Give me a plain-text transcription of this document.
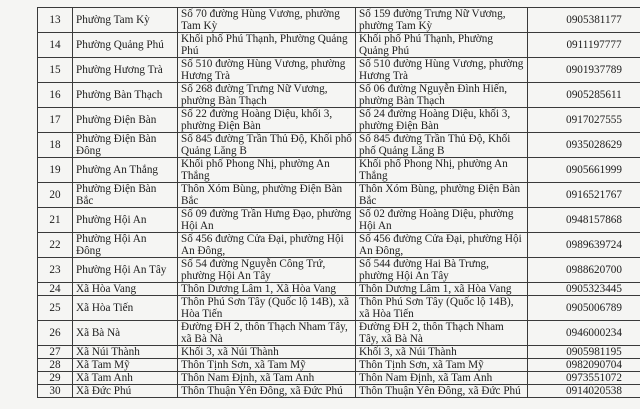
13	Phường Tam Kỳ	Số 70 đường Hùng Vương, phường Tam Kỳ	Số 159 đường Trưng Nữ Vương, phường Tam Kỳ	0905381177
14	Phường Quảng Phú	Khối phố Phú Thạnh, Phường Quảng Phú	Khối phố Phú Thạnh, Phường Quảng Phú	0911197777
15	Phường Hương Trà	Số 510 đường Hùng Vương, phường Hương Trà	Số 510 đường Hùng Vương, phường Hương Trà	0901937789
16	Phường Bàn Thạch	Số 268 đường Trưng Nữ Vương, phường Bàn Thạch	Số 06 đường Nguyễn Đình Hiến, phường Bàn Thạch	0905285611
17	Phường Điện Bàn	Số 22 đường Hoàng Diệu, khối 3, phường Điện Bàn	Số 24 đường Hoàng Diệu, khối 3, phường Điện Bàn	0917027555
18	Phường Điện Bàn Đông	Số 845 đường Trần Thủ Độ, Khối phố Quảng Lăng B	Số 845 đường Trần Thủ Độ, Khối phố Quảng Lăng B	0935028629
19	Phường An Thắng	Khối phố Phong Nhị, phường An Thắng	Khối phố Phong Nhị, phường An Thắng	0905661999
20	Phường Điện Bàn Bắc	Thôn Xóm Bùng, phường Điện Bàn Bắc	Thôn Xóm Bùng, phường Điện Bàn Bắc	0916521767
21	Phường Hội An	Số 09 đường Trần Hưng Đạo, phường Hội An	Số 02 đường Hoàng Diệu, phường Hội An	0948157868
22	Phường Hội An Đông	Số 456 đường Cửa Đại, phường Hội An Đông,	Số 456 đường Cửa Đại, phường Hội An Đông,	0989639724
23	Phường Hội An Tây	Số 54 đường Nguyễn Công Trứ, phường Hội An Tây	Số 544 đường Hai Bà Trưng, phường Hội An Tây	0988620700
24	Xã Hòa Vang	Thôn Dương Lâm 1, Xã Hòa Vang	Thôn Dương Lâm 1, xã Hòa Vang	0905323445
25	Xã Hòa Tiến	Thôn Phú Sơn Tây (Quốc lộ 14B), xã Hòa Tiến	Thôn Phú Sơn Tây (Quốc lộ 14B), xã Hòa Tiến	0905006789
26	Xã Bà Nà	Đường ĐH 2, thôn Thạch Nham Tây, xã Bà Nà	Đường ĐH 2, thôn Thạch Nham Tây, xã Bà Nà	0946000234
27	Xã Núi Thành	Khối 3, xã Núi Thành	Khối 3, xã Núi Thành	0905981195
28	Xã Tam Mỹ	Thôn Tịnh Sơn, xã Tam Mỹ	Thôn Tịnh Sơn, xã Tam Mỹ	0982090704
29	Xã Tam Anh	Thôn Nam Định, xã Tam Anh	Thôn Nam Định, xã Tam Anh	0973551072
30	Xã Đức Phú	Thôn Thuận Yên Đông, xã Đức Phú	Thôn Thuận Yên Đông, xã Đức Phú	0914020538
